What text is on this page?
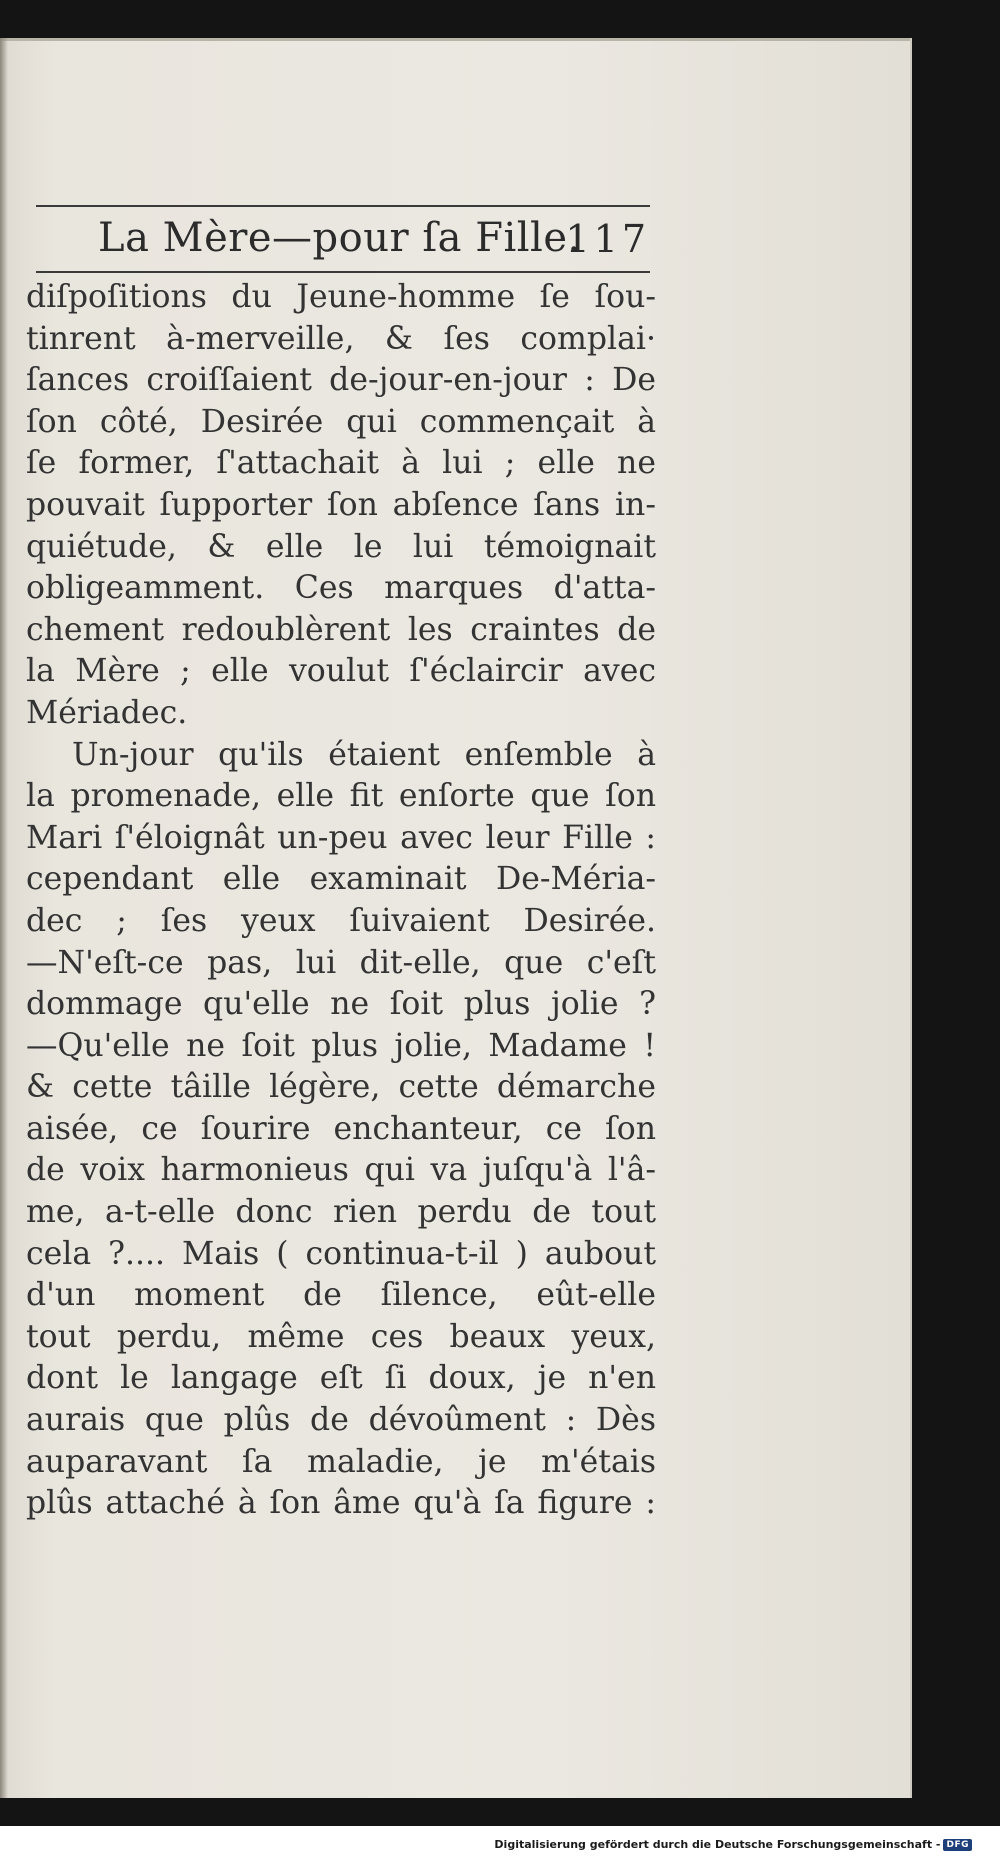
La Mère—pour ſa Fille.
117
diſpoſitions du Jeune-homme ſe ſou-
tinrent à-merveille, & ſes complai·
ſances croiſſaient de-jour-en-jour : De
ſon côté, Desirée qui commençait à
ſe former, ſ'attachait à lui ; elle ne
pouvait ſupporter ſon abſence ſans in-
quiétude, & elle le lui témoignait
obligeamment. Ces marques d'atta-
chement redoublèrent les craintes de
la Mère ; elle voulut ſ'éclaircir avec
Mériadec.
Un-jour qu'ils étaient enſemble à
la promenade, elle fit enſorte que ſon
Mari ſ'éloignât un-peu avec leur Fille :
cependant elle examinait De-Méria-
dec ; ſes yeux ſuivaient Desirée.
—N'eſt-ce pas, lui dit-elle, que c'eſt
dommage qu'elle ne ſoit plus jolie ?
—Qu'elle ne ſoit plus jolie, Madame !
& cette tâille légère, cette démarche
aisée, ce ſourire enchanteur, ce ſon
de voix harmonieus qui va juſqu'à l'â-
me, a-t-elle donc rien perdu de tout
cela ?.... Mais ( continua-t-il ) aubout
d'un moment de ſilence, eût-elle
tout perdu, même ces beaux yeux,
dont le langage eſt ſi doux, je n'en
aurais que plûs de dévoûment : Dès
auparavant ſa maladie, je m'étais
plûs attaché à ſon âme qu'à ſa figure :
Digitalisierung gefördert durch die Deutsche Forschungsgemeinschaft - DFG
